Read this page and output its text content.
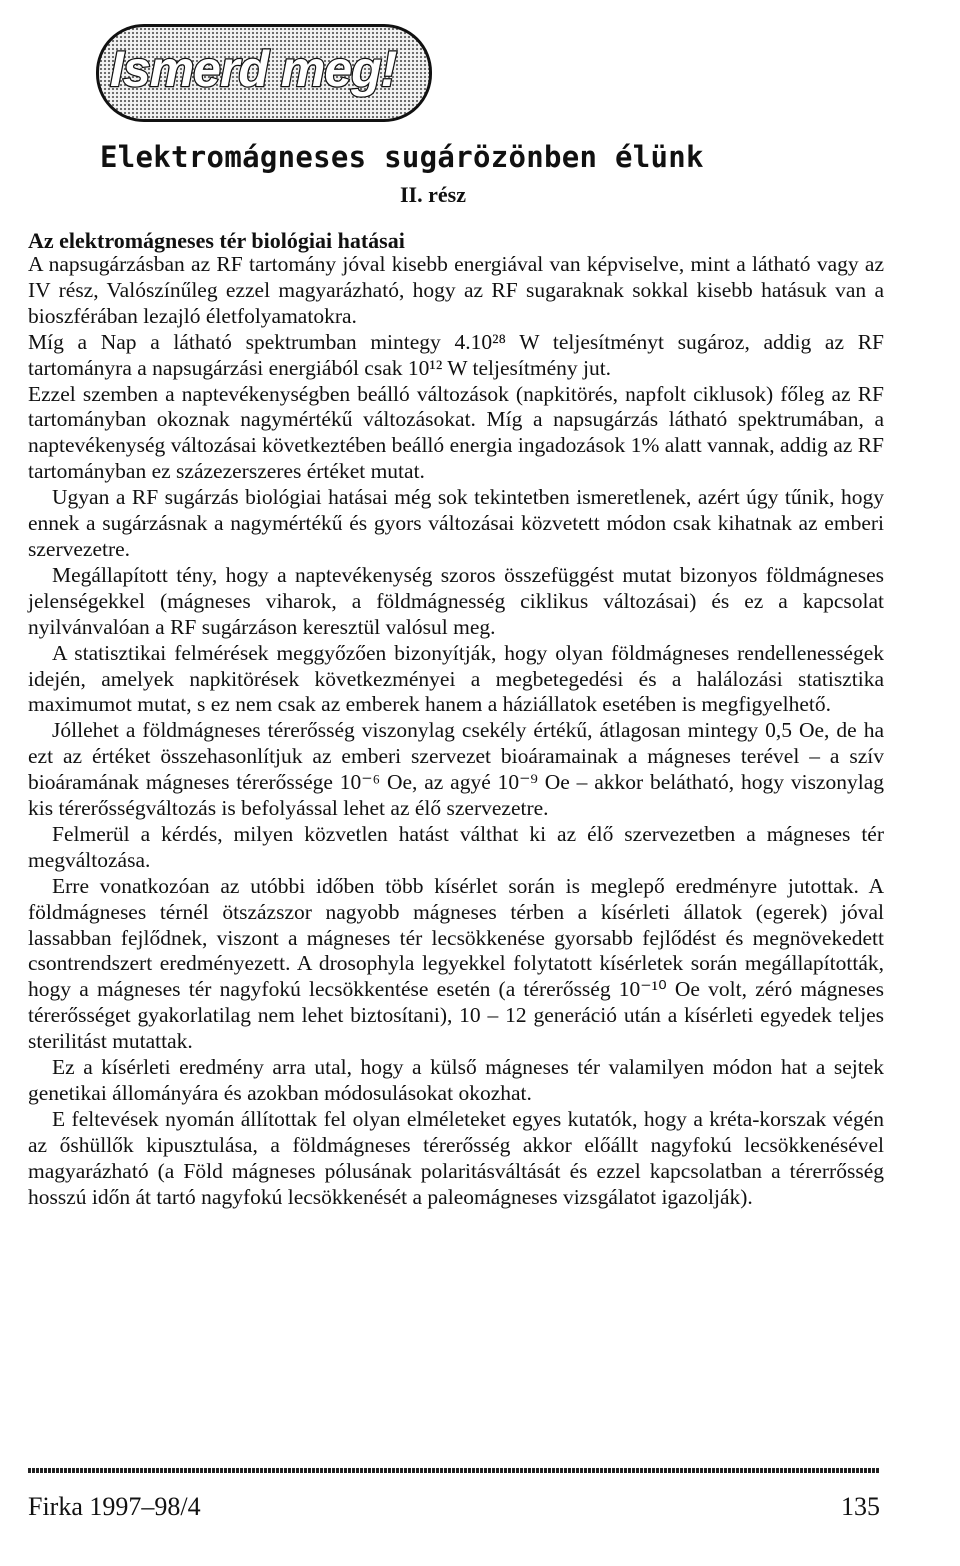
Ismerd meg!
Elektromágneses sugárözönben élünk
II. rész
Az elektromágneses tér biológiai hatásai

A napsugárzásban az RF tartomány jóval kisebb energiával van képviselve, mint a látható vagy az IV rész, Valószínűleg ezzel magyarázható, hogy az RF sugaraknak sokkal kisebb hatásuk van a bioszférában lezajló életfolyamatokra.

Míg a Nap a látható spektrumban mintegy 4.10²⁸ W teljesítményt sugároz, addig az RF tartományra a napsugárzási energiából csak 10¹² W teljesítmény jut.

Ezzel szemben a naptevékenységben beálló változások (napkitörés, napfolt ciklusok) főleg az RF tartományban okoznak nagymértékű változásokat. Míg a napsugárzás látható spektrumában, a naptevékenység változásai következtében beálló energia ingadozások 1% alatt vannak, addig az RF tartományban ez százezerszeres értéket mutat.

Ugyan a RF sugárzás biológiai hatásai még sok tekintetben ismeretlenek, azért úgy tűnik, hogy ennek a sugárzásnak a nagymértékű és gyors változásai közvetett módon csak kihatnak az emberi szervezetre.

Megállapított tény, hogy a naptevékenység szoros összefüggést mutat bizonyos földmágneses jelenségekkel (mágneses viharok, a földmágnesség ciklikus változásai) és ez a kapcsolat nyilvánvalóan a RF sugárzáson keresztül valósul meg.

A statisztikai felmérések meggyőzően bizonyítják, hogy olyan földmágneses rendellenességek idején, amelyek napkitörések következményei a megbetegedési és a halálozási statisztika maximumot mutat, s ez nem csak az emberek hanem a háziállatok esetében is megfigyelhető.

Jóllehet a földmágneses térerősség viszonylag csekély értékű, átlagosan mintegy 0,5 Oe, de ha ezt az értéket összehasonlítjuk az emberi szervezet bioáramainak a mágneses terével – a szív bioáramának mágneses térerőssége 10⁻⁶ Oe, az agyé 10⁻⁹ Oe – akkor belátható, hogy viszonylag kis térerősségváltozás is befolyással lehet az élő szervezetre.

Felmerül a kérdés, milyen közvetlen hatást válthat ki az élő szervezetben a mágneses tér megváltozása.

Erre vonatkozóan az utóbbi időben több kísérlet során is meglepő eredményre jutottak. A földmágneses térnél ötszázszor nagyobb mágneses térben a kísérleti állatok (egerek) jóval lassabban fejlődnek, viszont a mágneses tér lecsökkenése gyorsabb fejlődést és megnövekedett csontrendszert eredményezett. A drosophyla legyekkel folytatott kísérletek során megállapították, hogy a mágneses tér nagyfokú lecsökkentése esetén (a térerősség 10⁻¹⁰ Oe volt, zéró mágneses térerősséget gyakorlatilag nem lehet biztosítani), 10 – 12 generáció után a kísérleti egyedek teljes sterilitást mutattak.

Ez a kísérleti eredmény arra utal, hogy a külső mágneses tér valamilyen módon hat a sejtek genetikai állományára és azokban módosulásokat okozhat.

E feltevések nyomán állítottak fel olyan elméleteket egyes kutatók, hogy a kréta-korszak végén az őshüllők kipusztulása, a földmágneses térerősség akkor előállt nagyfokú lecsökkenésével magyarázható (a Föld mágneses pólusának polaritásváltását és ezzel kapcsolatban a térerrősség hosszú időn át tartó nagyfokú lecsökkenését a paleomágneses vizsgálatot igazolják).

Firka 1997–98/4	135
